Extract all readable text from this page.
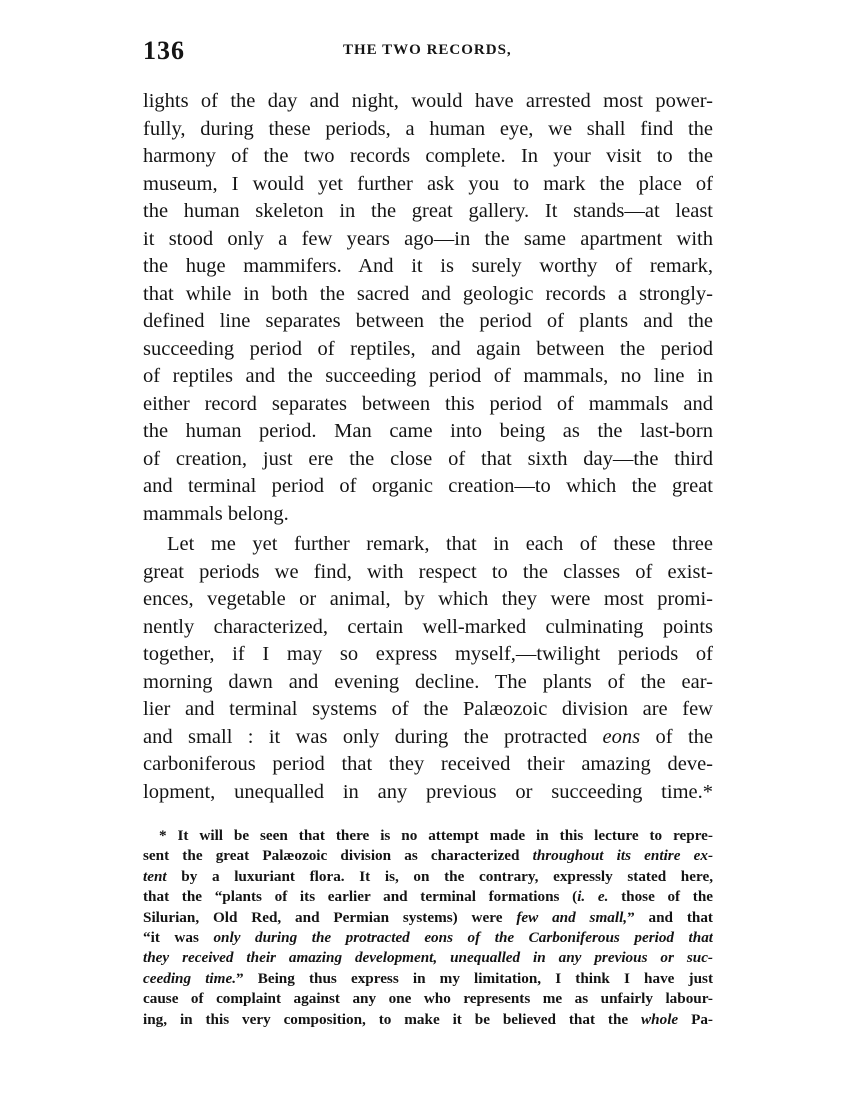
136	THE TWO RECORDS,
lights of the day and night, would have arrested most power-
fully, during these periods, a human eye, we shall find the
harmony of the two records complete. In your visit to the
museum, I would yet further ask you to mark the place of
the human skeleton in the great gallery. It stands—at least
it stood only a few years ago—in the same apartment with
the huge mammifers. And it is surely worthy of remark,
that while in both the sacred and geologic records a strongly-
defined line separates between the period of plants and the
succeeding period of reptiles, and again between the period
of reptiles and the succeeding period of mammals, no line in
either record separates between this period of mammals and
the human period. Man came into being as the last-born
of creation, just ere the close of that sixth day—the third
and terminal period of organic creation—to which the great
mammals belong.
Let me yet further remark, that in each of these three
great periods we find, with respect to the classes of exist-
ences, vegetable or animal, by which they were most promi-
nently characterized, certain well-marked culminating points
together, if I may so express myself,—twilight periods of
morning dawn and evening decline. The plants of the ear-
lier and terminal systems of the Palæozoic division are few
and small : it was only during the protracted eons of the
carboniferous period that they received their amazing deve-
lopment, unequalled in any previous or succeeding time.*
* It will be seen that there is no attempt made in this lecture to repre-
sent the great Palæozoic division as characterized throughout its entire ex-
tent by a luxuriant flora. It is, on the contrary, expressly stated here,
that the “plants of its earlier and terminal formations (i. e. those of the
Silurian, Old Red, and Permian systems) were few and small,” and that
“it was only during the protracted eons of the Carboniferous period that
they received their amazing development, unequalled in any previous or suc-
ceeding time.” Being thus express in my limitation, I think I have just
cause of complaint against any one who represents me as unfairly labour-
ing, in this very composition, to make it be believed that the whole Pa-
